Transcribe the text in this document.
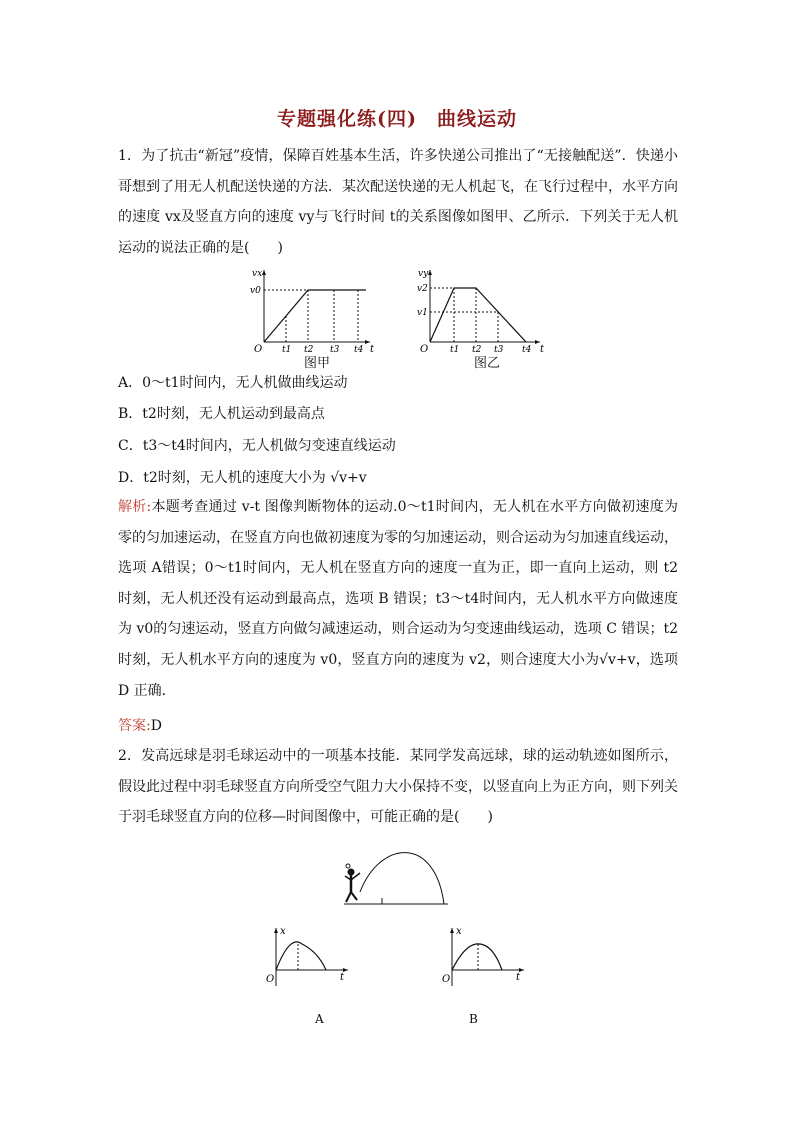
专题强化练(四)　曲线运动
1．为了抗击“新冠”疫情，保障百姓基本生活，许多快递公司推出了“无接触配送”．快递小哥想到了用无人机配送快递的方法．某次配送快递的无人机起飞，在飞行过程中，水平方向的速度 vx及竖直方向的速度 vy与飞行时间 t的关系图像如图甲、乙所示．下列关于无人机运动的说法正确的是(　　)
vx
v0
O	t
t1 t2 t3 t4
图甲
vy
v2
v1
O	t
t1 t2 t3 t4
图乙
A．0～t1时间内，无人机做曲线运动
B．t2时刻，无人机运动到最高点
C．t3～t4时间内，无人机做匀变速直线运动
D．t2时刻，无人机的速度大小为 √v+v
解析:本题考查通过 v-t 图像判断物体的运动.0～t1时间内，无人机在水平方向做初速度为零的匀加速运动，在竖直方向也做初速度为零的匀加速运动，则合运动为匀加速直线运动，选项 A错误；0～t1时间内，无人机在竖直方向的速度一直为正，即一直向上运动，则 t2时刻，无人机还没有运动到最高点，选项 B 错误；t3～t4时间内，无人机水平方向做速度为 v0的匀速运动，竖直方向做匀减速运动，则合运动为匀变速曲线运动，选项 C 错误；t2时刻，无人机水平方向的速度为 v0，竖直方向的速度为 v2，则合速度大小为√v+v，选项 D 正确．
答案:D
2．发高远球是羽毛球运动中的一项基本技能．某同学发高远球，球的运动轨迹如图所示，假设此过程中羽毛球竖直方向所受空气阻力大小保持不变，以竖直向上为正方向，则下列关于羽毛球竖直方向的位移—时间图像中，可能正确的是(　　)
x
t
O
A
x
t
O
B
